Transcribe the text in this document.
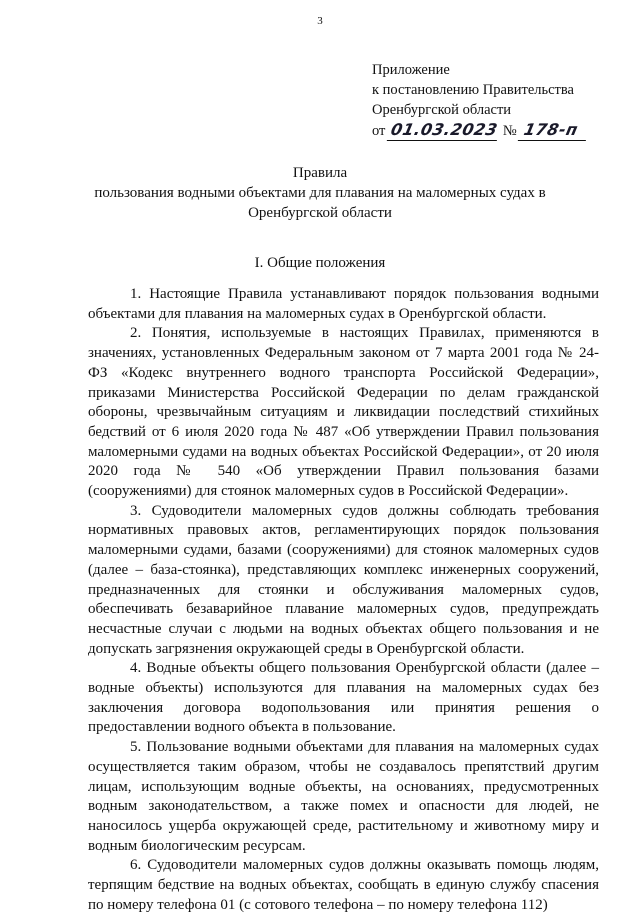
3
Приложение
к постановлению Правительства
Оренбургской области
от 01.03.2023 № 178-п
Правила
пользования водными объектами для плавания на маломерных судах в
Оренбургской области
I. Общие положения

1. Настоящие Правила устанавливают порядок пользования водными объектами для плавания на маломерных судах в Оренбургской области.

2. Понятия, используемые в настоящих Правилах, применяются в значениях, установленных Федеральным законом от 7 марта 2001 года № 24-ФЗ «Кодекс внутреннего водного транспорта Российской Федерации», приказами Министерства Российской Федерации по делам гражданской обороны, чрезвычайным ситуациям и ликвидации последствий стихийных бедствий от 6 июля 2020 года № 487 «Об утверждении Правил пользования маломерными судами на водных объектах Российской Федерации», от 20 июля 2020 года № 540 «Об утверждении Правил пользования базами (сооружениями) для стоянок маломерных судов в Российской Федерации».

3. Судоводители маломерных судов должны соблюдать требования нормативных правовых актов, регламентирующих порядок пользования маломерными судами, базами (сооружениями) для стоянок маломерных судов (далее – база-стоянка), представляющих комплекс инженерных сооружений, предназначенных для стоянки и обслуживания маломерных судов, обеспечивать безаварийное плавание маломерных судов, предупреждать несчастные случаи с людьми на водных объектах общего пользования и не допускать загрязнения окружающей среды в Оренбургской области.

4. Водные объекты общего пользования Оренбургской области (далее – водные объекты) используются для плавания на маломерных судах без заключения договора водопользования или принятия решения о предоставлении водного объекта в пользование.

5. Пользование водными объектами для плавания на маломерных судах осуществляется таким образом, чтобы не создавалось препятствий другим лицам, использующим водные объекты, на основаниях, предусмотренных водным законодательством, а также помех и опасности для людей, не наносилось ущерба окружающей среде, растительному и животному миру и водным биологическим ресурсам.

6. Судоводители маломерных судов должны оказывать помощь людям, терпящим бедствие на водных объектах, сообщать в единую службу спасения по номеру телефона 01 (с сотового телефона – по номеру телефона 112)
